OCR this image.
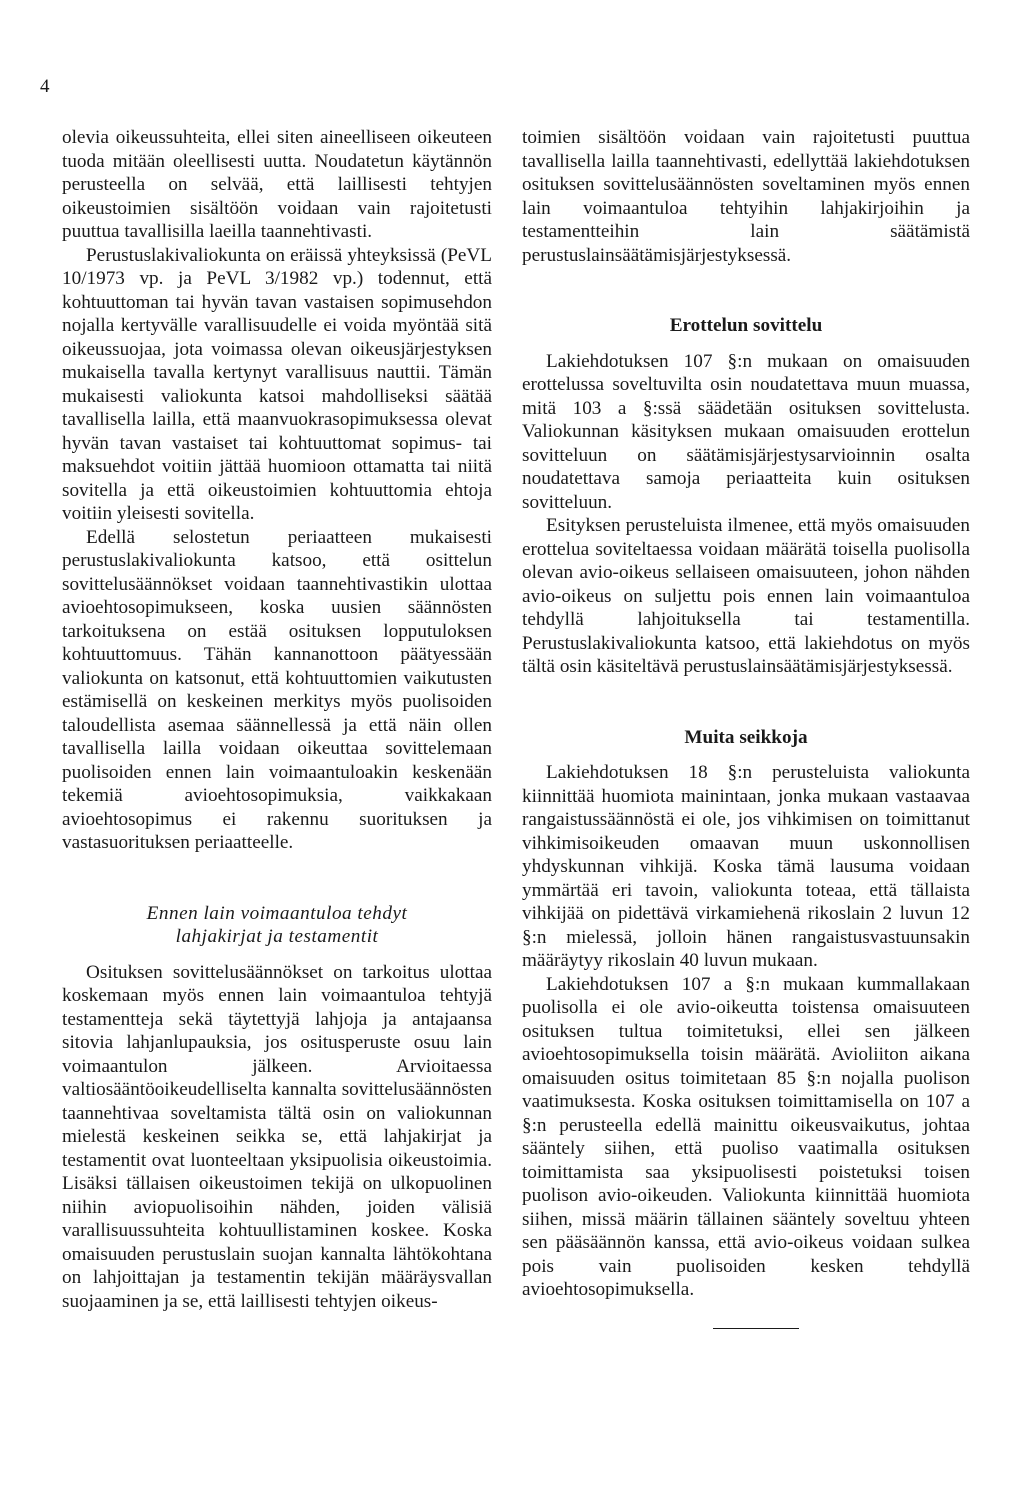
4

olevia oikeussuhteita, ellei siten aineelliseen oikeuteen tuoda mitään oleellisesti uutta. Noudatetun käytännön perusteella on selvää, että laillisesti tehtyjen oikeustoimien sisältöön voidaan vain rajoitetusti puuttua tavallisilla laeilla taannehtivasti.

Perustuslakivaliokunta on eräissä yhteyksissä (PeVL 10/1973 vp. ja PeVL 3/1982 vp.) todennut, että kohtuuttoman tai hyvän tavan vastaisen sopimusehdon nojalla kertyvälle varallisuudelle ei voida myöntää sitä oikeussuojaa, jota voimassa olevan oikeusjärjestyksen mukaisella tavalla kertynyt varallisuus nauttii. Tämän mukaisesti valiokunta katsoi mahdolliseksi säätää tavallisella lailla, että maanvuokrasopimuksessa olevat hyvän tavan vastaiset tai kohtuuttomat sopimus- tai maksuehdot voitiin jättää huomioon ottamatta tai niitä sovitella ja että oikeustoimien kohtuuttomia ehtoja voitiin yleisesti sovitella.

Edellä selostetun periaatteen mukaisesti perustuslakivaliokunta katsoo, että osittelun sovittelusäännökset voidaan taannehtivastikin ulottaa avioehtosopimukseen, koska uusien säännösten tarkoituksena on estää osituksen lopputuloksen kohtuuttomuus. Tähän kannanottoon päätyessään valiokunta on katsonut, että kohtuuttomien vaikutusten estämisellä on keskeinen merkitys myös puolisoiden taloudellista asemaa säännellessä ja että näin ollen tavallisella lailla voidaan oikeuttaa sovittelemaan puolisoiden ennen lain voimaantuloakin keskenään tekemiä avioehtosopimuksia, vaikkakaan avioehtosopimus ei rakennu suorituksen ja vastasuorituksen periaatteelle.

Ennen lain voimaantuloa tehdyt

lahjakirjat ja testamentit

Osituksen sovittelusäännökset on tarkoitus ulottaa koskemaan myös ennen lain voimaantuloa tehtyjä testamentteja sekä täytettyjä lahjoja ja antajaansa sitovia lahjanlupauksia, jos ositusperuste osuu lain voimaantulon jälkeen. Arvioitaessa valtiosääntöoikeudelliselta kannalta sovittelusäännösten taannehtivaa soveltamista tältä osin on valiokunnan mielestä keskeinen seikka se, että lahjakirjat ja testamentit ovat luonteeltaan yksipuolisia oikeustoimia. Lisäksi tällaisen oikeustoimen tekijä on ulkopuolinen niihin aviopuolisoihin nähden, joiden välisiä varallisuussuhteita kohtuullistaminen koskee. Koska omaisuuden perustuslain suojan kannalta lähtökohtana on lahjoittajan ja testamentin tekijän määräysvallan suojaaminen ja se, että laillisesti tehtyjen oikeus-

toimien sisältöön voidaan vain rajoitetusti puuttua tavallisella lailla taannehtivasti, edellyttää lakiehdotuksen osituksen sovittelusäännösten soveltaminen myös ennen lain voimaantuloa tehtyihin lahjakirjoihin ja testamentteihin lain säätämistä perustuslainsäätämisjärjestyksessä.

Erottelun sovittelu

Lakiehdotuksen 107 §:n mukaan on omaisuuden erottelussa soveltuvilta osin noudatettava muun muassa, mitä 103 a §:ssä säädetään osituksen sovittelusta. Valiokunnan käsityksen mukaan omaisuuden erottelun sovitteluun on säätämisjärjestysarvioinnin osalta noudatettava samoja periaatteita kuin osituksen sovitteluun.

Esityksen perusteluista ilmenee, että myös omaisuuden erottelua soviteltaessa voidaan määrätä toisella puolisolla olevan avio-oikeus sellaiseen omaisuuteen, johon nähden avio-oikeus on suljettu pois ennen lain voimaantuloa tehdyllä lahjoituksella tai testamentilla. Perustuslakivaliokunta katsoo, että lakiehdotus on myös tältä osin käsiteltävä perustuslainsäätämisjärjestyksessä.

Muita seikkoja

Lakiehdotuksen 18 §:n perusteluista valiokunta kiinnittää huomiota mainintaan, jonka mukaan vastaavaa rangaistussäännöstä ei ole, jos vihkimisen on toimittanut vihkimisoikeuden omaavan muun uskonnollisen yhdyskunnan vihkijä. Koska tämä lausuma voidaan ymmärtää eri tavoin, valiokunta toteaa, että tällaista vihkijää on pidettävä virkamiehenä rikoslain 2 luvun 12 §:n mielessä, jolloin hänen rangaistusvastuunsakin määräytyy rikoslain 40 luvun mukaan.

Lakiehdotuksen 107 a §:n mukaan kummallakaan puolisolla ei ole avio-oikeutta toistensa omaisuuteen osituksen tultua toimitetuksi, ellei sen jälkeen avioehtosopimuksella toisin määrätä. Avioliiton aikana omaisuuden ositus toimitetaan 85 §:n nojalla puolison vaatimuksesta. Koska osituksen toimittamisella on 107 a §:n perusteella edellä mainittu oikeusvaikutus, johtaa sääntely siihen, että puoliso vaatimalla osituksen toimittamista saa yksipuolisesti poistetuksi toisen puolison avio-oikeuden. Valiokunta kiinnittää huomiota siihen, missä määrin tällainen sääntely soveltuu yhteen sen pääsäännön kanssa, että avio-oikeus voidaan sulkea pois vain puolisoiden kesken tehdyllä avioehtosopimuksella.
